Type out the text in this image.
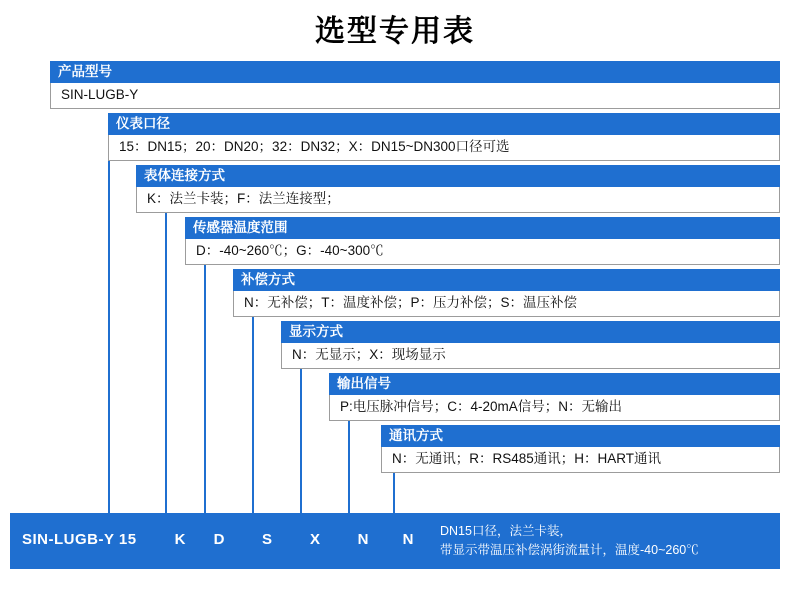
选型专用表
产品型号
SIN-LUGB-Y
仪表口径
15：DN15；20：DN20；32：DN32；X：DN15~DN300口径可选
表体连接方式
K：法兰卡装；F：法兰连接型；
传感器温度范围
D：-40~260℃；G：-40~300℃
补偿方式
N：无补偿；T：温度补偿；P：压力补偿；S：温压补偿
显示方式
N：无显示；X：现场显示
输出信号
P:电压脉冲信号；C：4-20mA信号；N：无输出
通讯方式
N：无通讯；R：RS485通讯；H：HART通讯
SIN-LUGB-Y 15	K	D	S	X	N	N	DN15口径，法兰卡装，
带显示带温压补偿涡街流量计，温度-40~260℃
